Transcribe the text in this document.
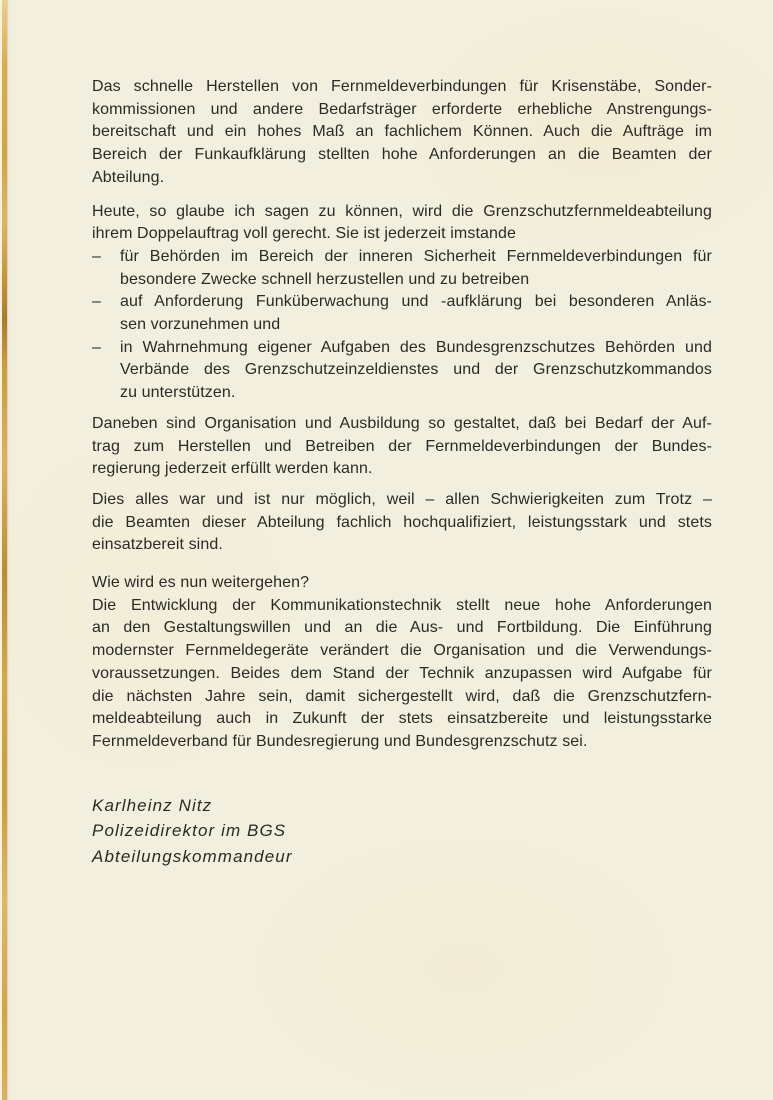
Das schnelle Herstellen von Fernmeldeverbindungen für Krisenstäbe, Sonder-
kommissionen und andere Bedarfsträger erforderte erhebliche Anstrengungs-
bereitschaft und ein hohes Maß an fachlichem Können. Auch die Aufträge im
Bereich der Funkaufklärung stellten hohe Anforderungen an die Beamten der
Abteilung.
Heute, so glaube ich sagen zu können, wird die Grenzschutzfernmeldeabteilung
ihrem Doppelauftrag voll gerecht. Sie ist jederzeit imstande
–	für Behörden im Bereich der inneren Sicherheit Fernmeldeverbindungen für
besondere Zwecke schnell herzustellen und zu betreiben
–	auf Anforderung Funküberwachung und -aufklärung bei besonderen Anläs-
sen vorzunehmen und
–	in Wahrnehmung eigener Aufgaben des Bundesgrenzschutzes Behörden und
Verbände des Grenzschutzeinzeldienstes und der Grenzschutzkommandos
zu unterstützen.
Daneben sind Organisation und Ausbildung so gestaltet, daß bei Bedarf der Auf-
trag zum Herstellen und Betreiben der Fernmeldeverbindungen der Bundes-
regierung jederzeit erfüllt werden kann.
Dies alles war und ist nur möglich, weil – allen Schwierigkeiten zum Trotz –
die Beamten dieser Abteilung fachlich hochqualifiziert, leistungsstark und stets
einsatzbereit sind.
Wie wird es nun weitergehen?
Die Entwicklung der Kommunikationstechnik stellt neue hohe Anforderungen
an den Gestaltungswillen und an die Aus- und Fortbildung. Die Einführung
modernster Fernmeldegeräte verändert die Organisation und die Verwendungs-
voraussetzungen. Beides dem Stand der Technik anzupassen wird Aufgabe für
die nächsten Jahre sein, damit sichergestellt wird, daß die Grenzschutzfern-
meldeabteilung auch in Zukunft der stets einsatzbereite und leistungsstarke
Fernmeldeverband für Bundesregierung und Bundesgrenzschutz sei.
Karlheinz Nitz
Polizeidirektor im BGS
Abteilungskommandeur
